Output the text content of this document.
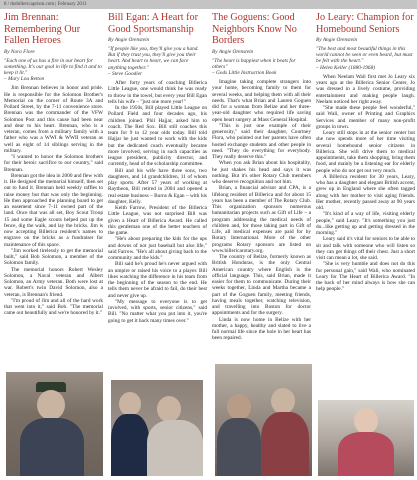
8 / thebillericaprism.com | February 2011
Jim Brennan: Remembering Our Fallen Heroes
By Nora Flore
"Each one of us has a fire in our heart for something. It's our goal in life to find it and to keep it lit."
– Mary Lou Retton

Jim Brennan believes in honor and pride. He is responsible for the Solomon Brother's Memorial on the corner of Route 3A and Pollard Street, by the 7-11 convenience store. Brennan was the commander of the VFW Solomon Post and this cause had been near and dear to his heart. Brennan, who is a veteran, comes from a military family with a father who was a WWI & WWII veteran as well as eight of 14 siblings serving in the military.

"I wanted to honor the Solomon brothers for their heroic sacrifice to our country," said Brennan.

Brennan got the idea in 2000 and flew with it. He designed the memorial himself, then set out to fund it. Brennan held weekly raffles to raise money but that was only the beginning. He then approached the planning board to get an easement since 7-11 owned part of the land. Once that was all set, Boy Scout Troop 15 and some Eagle scouts helped put up the fence, dig the walk, and lay the bricks. Jim is now accepting Billerica resident's names to engrave on the bricks as a fundraiser for maintenance of this space.

"Jim worked tirelessly to get the memorial built," said Bob Solomon, a member of the Solomon family.

The memorial honors Robert Wesley Solomon, a Naval veteran and Albert Solomon, an Army veteran. Both were lost at war. Robert's twin David Solomon, also a veteran, is Brennan's friend.

"I'm proud of Jim and all of the hard work that went into it," said Bob. "The memorial came out beautifully and we're honored by it."

Bill Egan: A Heart for Good Sportsmanship
By Angie Orenstein
"If people like you, they'll give you a hand. But if they trust you, they'll give you their heart. And heart to heart, we can face anything together."
– Steve Goodier

After forty years of coaching Billerica Little League, one would think he was ready to throw in the towel, but every year Bill Egan tells his wife – "just one more year!"

In the 1950s, Bill played Little League on Pollard Field and four decades ago, his children joined. Phil Hajjar, asked him to coach. The Red Sox. Bill still coaches this team for 9 to 12 year olds today. Bill told Hajjar he just wanted to work with the kids but the dedicated coach eventually became more involved, serving in such capacities as league president, publicity director, and currently, head of the scholarship committee.

Bill and his wife have three sons, two daughters, and 14 grandchildren, 11 of whom play sports. After 57 years of working at Raytheon, Bill retired in 2004 and opened a real estate business – Burns & Egan – with his daughter, Kelly.

Keith Farrow, President of the Billerica Little League, was not surprised Bill was given a Heart of Billerica Award. He called this gentleman one of the better teachers of the game.

"He's about preparing the kids for the ups and downs of not just baseball but also life," said Farrow. "He's all about giving back to the community and the kids."

Bill said he's proud he's never argued with an umpire or raised his voice to a player. Bill likes watching the difference in his team from the beginning of the season to the end. He tells them never be afraid to fail, do their best and never give up.

"My message to everyone is to get involved, with sports, senior citizens," said Bill. "No matter what you put into it, you're going to get it back many times over."

The Goguens: Good Neighbors Know No Borders
By Angie Orenstein
"The heart is happiest when it beats for others"
– Gods Little Instruction Book

Imagine taking complete strangers into your home, becoming family to them for several weeks, and helping them with all their needs. That's what Brian and Lauren Goguen did for a woman from Belize and her three-year-old daughter who required life saving open heart surgery at Mass General Hospital.

"This is just one example of their generosity," said their daughter, Courtney Flora, who pointed out her parents have often hosted exchange students and other people in need. "They do everything for everybody. They really deserve this."

When you ask Brian about his hospitality, he just shakes his head and says it was nothing. But it's other Rotary Club members who deserve recognition and not him.

Brian, a financial advisor and CPA, is a lifelong resident of Billerica and for about 15 years has been a member of The Rotary Club. This organization sponsors numerous humanitarian projects such as Gift of Life – a program addressing the medical needs of children and, for those taking part in Gift of Life, all medical expenses are paid for by Rotary International. More of the other programs Rotary sponsors are listed on www.billericarotary.org.

The country of Belize, formerly known as British Honduras, is the only Central American country where English is the official language. This, said Brian, made it easier for them to communicate. During their weeks together, Linda and Martha became a part of the Goguen family, meeting friends, having meals together, watching television, and travelling into Boston for doctor appointments and for the surgery.

Linda is now home in Belize with her mother, a happy, healthy and slated to live a full normal life since the hole in her heart has been repaired.

Jo Leary: Champion for Homebound Seniors
By Angie Orenstein
"The best and most beautiful things in this world cannot be seen or even heard, but must be felt with the heart."
– Helen Keller (1880-1968)

When Neelam Wali first met Jo Leary six years ago at the Billerica Senior Center, Jo was dressed in a lively costume, providing entertainment and making people laugh. Neelam noticed her right away.

"She made these people feel wonderful," said Wali, owner of Printing and Graphics Services and member of many non-profit groups in town.

Leary still stops in at the senior center but she now spends more of her time visiting several homebound senior citizens in Billerica. She will drive them to medical appointments, take them shopping, bring them food, and mainly be a listening ear for elderly people who do not get out very much.

A Billerica resident for 30 years, Leary, who has a daughter and elegant British accent, grew up in England where she often tagged along with her mother to visit aging friends. Her mother, recently passed away at 90 years old.

"It's kind of a way of life, visiting elderly people," said Leary. "It's something you just do...like getting up and getting dressed in the morning."

Leary said it's vital for seniors to be able to sit and talk with someone who will listen so they can get things off their chest. Just a short visit can mean a lot, she said.

"She is very humble and does not do this for personal gain," said Wali, who nominated Leary for The Heart of Billerica Award. "In the back of her mind always is how she can help people."
